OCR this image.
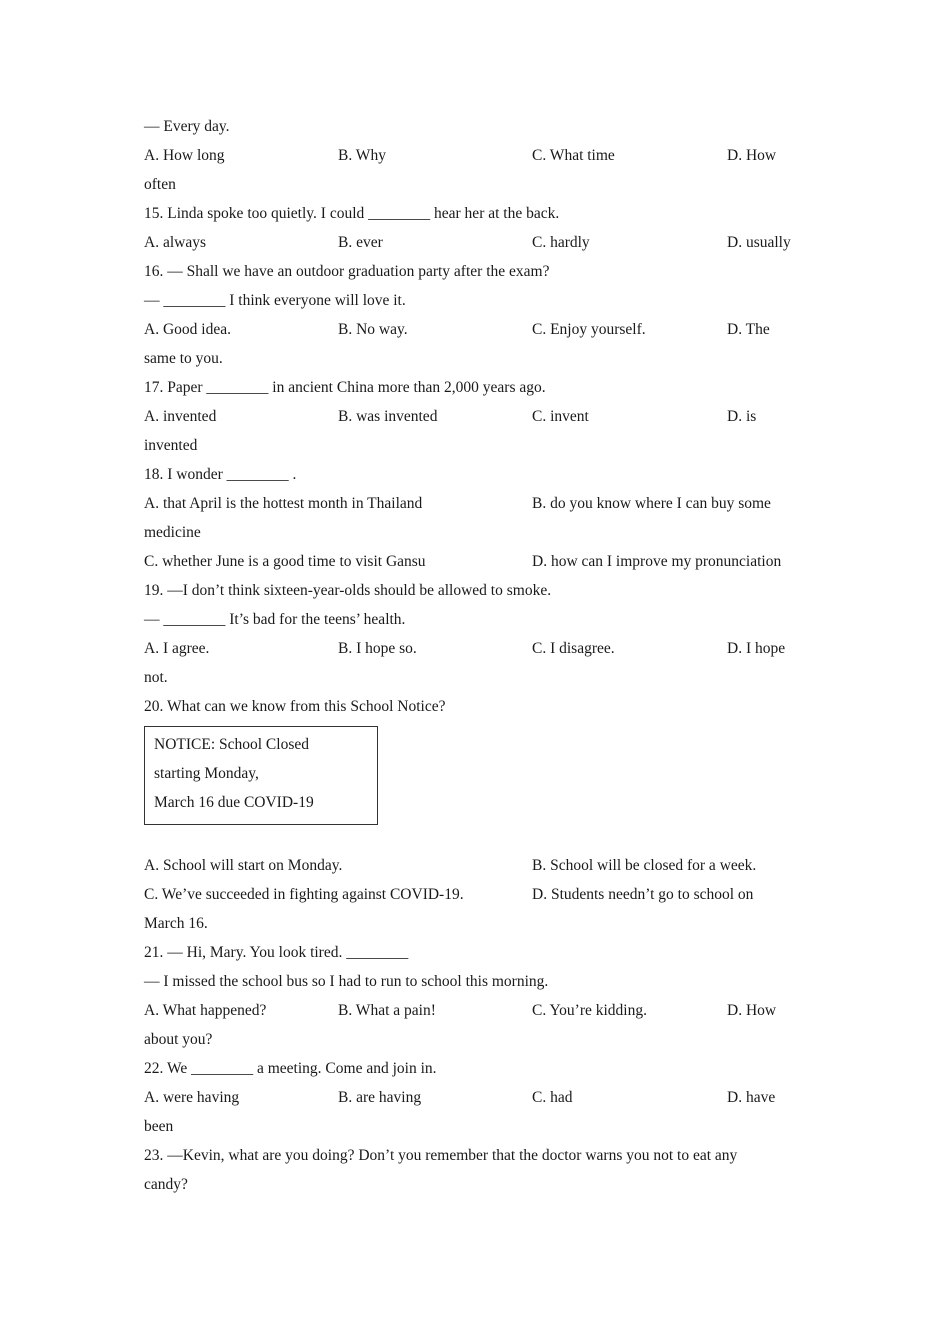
— Every day.
A. How long	B. Why	C. What time	D. How
often
15. Linda spoke too quietly. I could ________ hear her at the back.
A. always	B. ever	C. hardly	D. usually
16. — Shall we have an outdoor graduation party after the exam?
— ________ I think everyone will love it.
A. Good idea.	B. No way.	C. Enjoy yourself.	D. The
same to you.
17. Paper ________ in ancient China more than 2,000 years ago.
A. invented	B. was invented	C. invent	D. is
invented
18. I wonder ________ .
A. that April is the hottest month in Thailand	B. do you know where I can buy some
medicine
C. whether June is a good time to visit Gansu	D. how can I improve my pronunciation
19. —I don’t think sixteen-year-olds should be allowed to smoke.
— ________ It’s bad for the teens’ health.
A. I agree.	B. I hope so.	C. I disagree.	D. I hope
not.
20. What can we know from this School Notice?
NOTICE: School Closed
starting Monday,
March 16 due COVID-19
A. School will start on Monday.	B. School will be closed for a week.
C. We’ve succeeded in fighting against COVID-19.	D. Students needn’t go to school on
March 16.
21. — Hi, Mary. You look tired. ________
— I missed the school bus so I had to run to school this morning.
A. What happened?	B. What a pain!	C. You’re kidding.	D. How
about you?
22. We ________ a meeting. Come and join in.
A. were having	B. are having	C. had	D. have
been
23. —Kevin, what are you doing? Don’t you remember that the doctor warns you not to eat any
candy?
